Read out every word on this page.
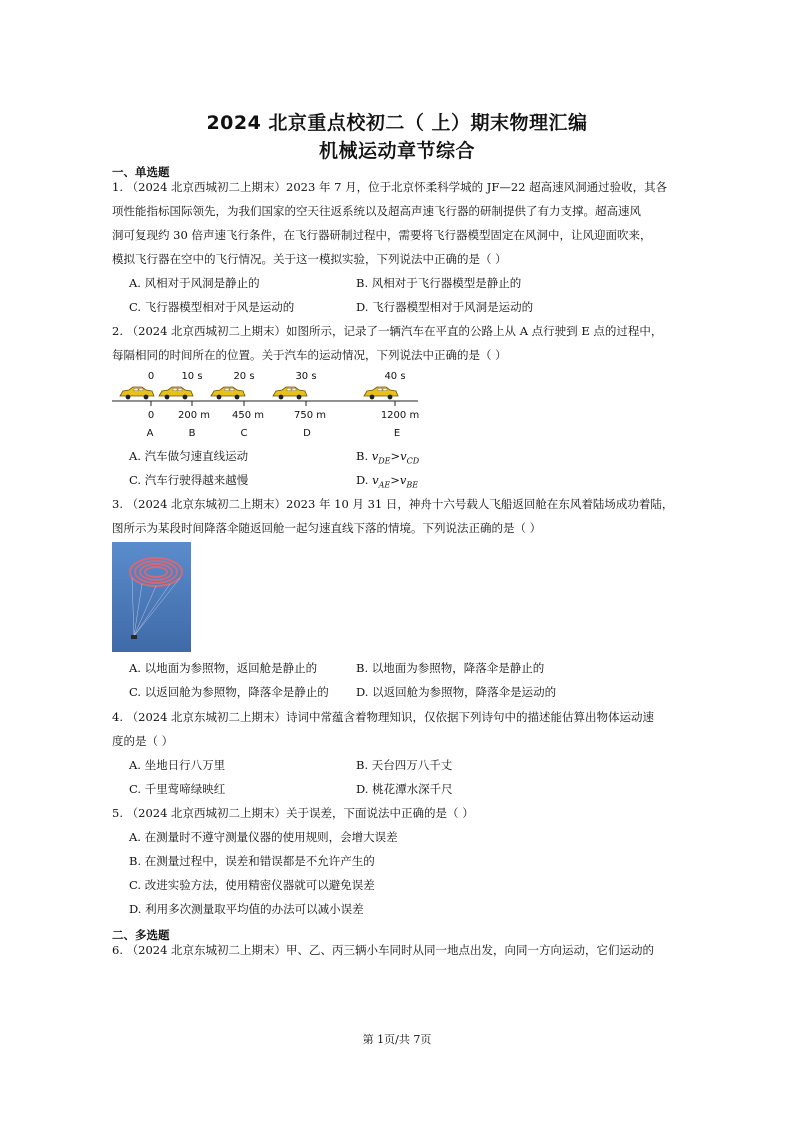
2024 北京重点校初二（ 上）期末物理汇编
机械运动章节综合
一、单选题
1. （2024 北京西城初二上期末）2023 年 7 月，位于北京怀柔科学城的 JF—22 超高速风洞通过验收，其各
项性能指标国际领先，为我们国家的空天往返系统以及超高声速飞行器的研制提供了有力支撑。超高速风
洞可复现约 30 倍声速飞行条件，在飞行器研制过程中，需要将飞行器模型固定在风洞中，让风迎面吹来，
模拟飞行器在空中的飞行情况。关于这一模拟实验，下列说法中正确的是（ ）
A. 风相对于风洞是静止的	B. 风相对于飞行器模型是静止的
C. 飞行器模型相对于风是运动的	D. 飞行器模型相对于风洞是运动的
2. （2024 北京西城初二上期末）如图所示，记录了一辆汽车在平直的公路上从 A 点行驶到 E 点的过程中，
每隔相同的时间所在的位置。关于汽车的运动情况，下列说法中正确的是（ ）
0	10 s	20 s	30 s	40 s
0 200 m 450 m	750 m	1200 m
A	B	C	D	E
A. 汽车做匀速直线运动	B. $v_{DE}>v_{CD}$
C. 汽车行驶得越来越慢	D. $v_{AE}>v_{BE}$
3. （2024 北京东城初二上期末）2023 年 10 月 31 日，神舟十六号载人飞船返回舱在东风着陆场成功着陆，
图所示为某段时间降落伞随返回舱一起匀速直线下落的情境。下列说法正确的是（ ）
A. 以地面为参照物，返回舱是静止的	B. 以地面为参照物，降落伞是静止的
C. 以返回舱为参照物，降落伞是静止的 D. 以返回舱为参照物，降落伞是运动的
4. （2024 北京东城初二上期末）诗词中常蕴含着物理知识，仅依据下列诗句中的描述能估算出物体运动速
度的是（ ）
A. 坐地日行八万里	B. 天台四万八千丈
C. 千里莺啼绿映红	D. 桃花潭水深千尺
5. （2024 北京西城初二上期末）关于误差，下面说法中正确的是（ ）
A. 在测量时不遵守测量仪器的使用规则，会增大误差
B. 在测量过程中，误差和错误都是不允许产生的
C. 改进实验方法，使用精密仪器就可以避免误差
D. 利用多次测量取平均值的办法可以减小误差
二、多选题
6. （2024 北京东城初二上期末）甲、乙、丙三辆小车同时从同一地点出发，向同一方向运动，它们运动的
第 1页/共 7页
